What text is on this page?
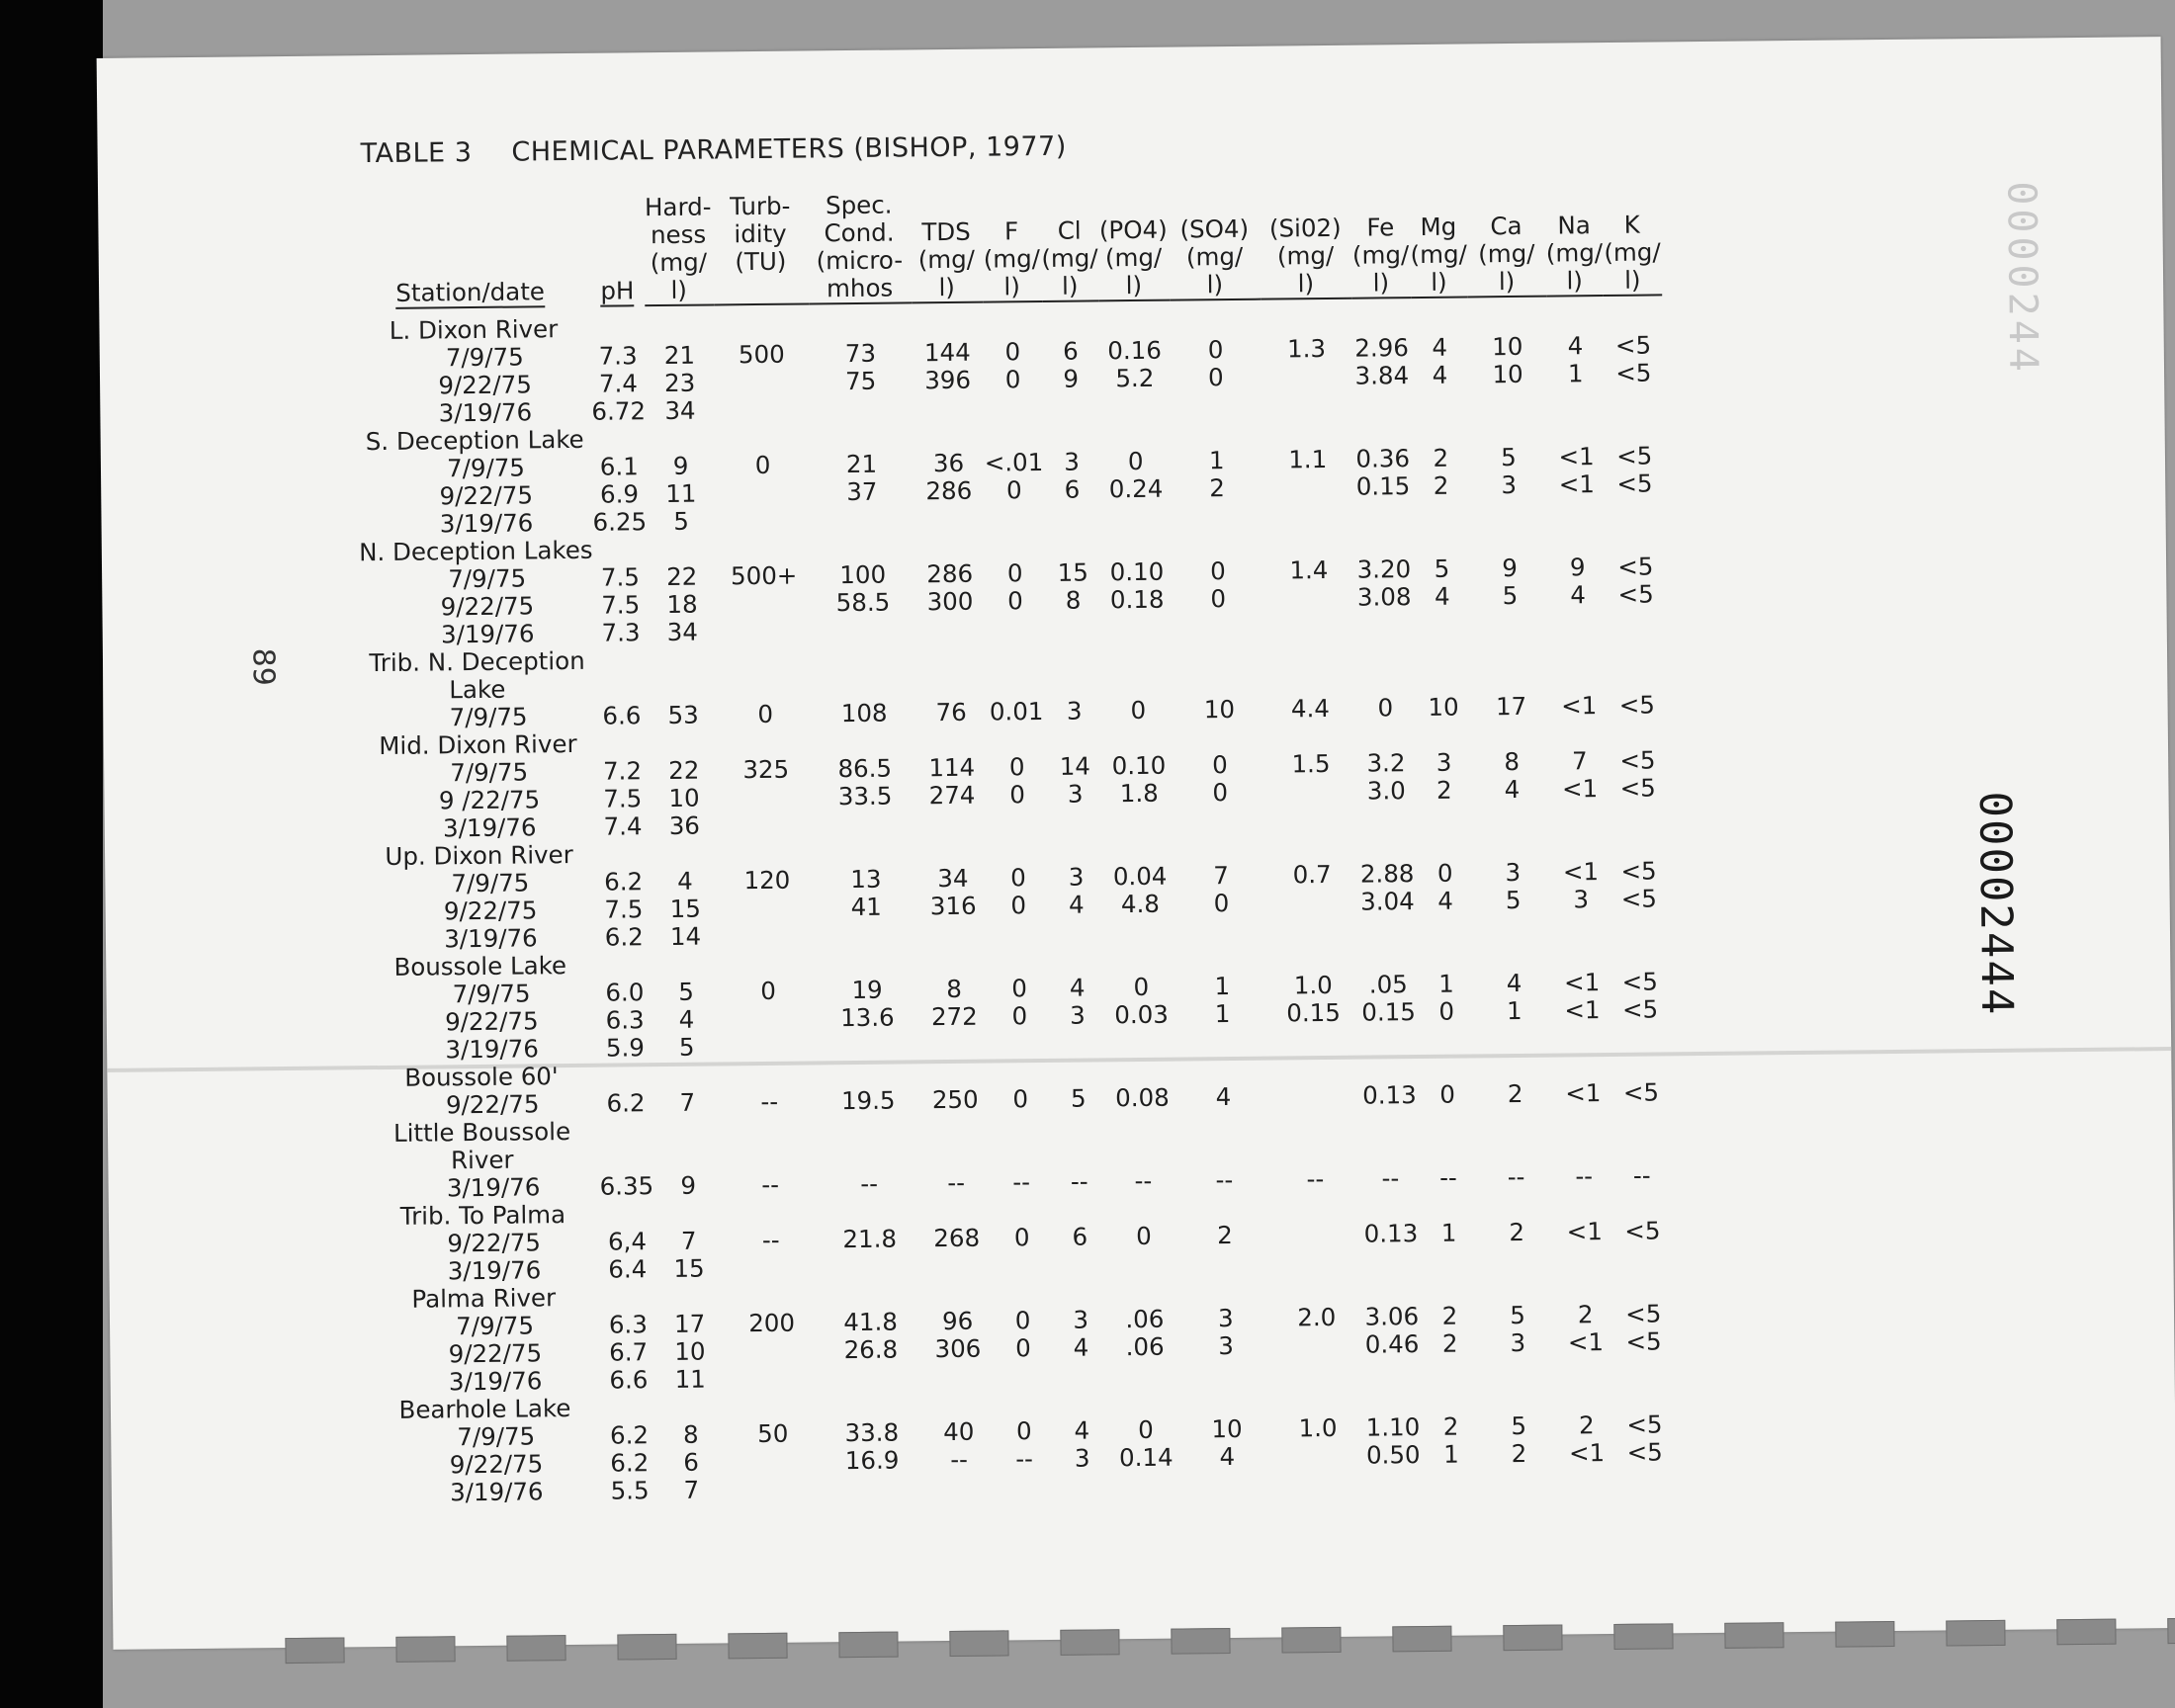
TABLE 3 CHEMICAL PARAMETERS (BISHOP, 1977)
Station/date	pH	Hard-
ness
(mg/
l)	Turb-
idity
(TU)	Spec.
Cond.
(micro-
mhos	TDS
(mg/
l)	F
(mg/
l)	Cl
(mg/
l)	(PO4)
(mg/
l)	(SO4)
(mg/
l)	(Si02)
(mg/
l)	Fe
(mg/
l)	Mg
(mg/
l)	Ca
(mg/
l)	Na
(mg/
l)	K
(mg/
l)

L. Dixon River															
7/9/75	7.3	21	500	73	144	0	6	0.16	0	1.3	2.96	4	10	4	<5
9/22/75	7.4	23		75	396	0	9	5.2	0		3.84	4	10	1	<5
3/19/76	6.72	34													
S. Deception Lake															
7/9/75	6.1	9	0	21	36	<.01	3	0	1	1.1	0.36	2	5	<1	<5
9/22/75	6.9	11		37	286	0	6	0.24	2		0.15	2	3	<1	<5
3/19/76	6.25	5													
N. Deception Lakes															
7/9/75	7.5	22	500+	100	286	0	15	0.10	0	1.4	3.20	5	9	9	<5
9/22/75	7.5	18		58.5	300	0	8	0.18	0		3.08	4	5	4	<5
3/19/76	7.3	34													
Trib. N. Deception															
Lake															
7/9/75	6.6	53	0	108	76	0.01	3	0	10	4.4	0	10	17	<1	<5
Mid. Dixon River															
7/9/75	7.2	22	325	86.5	114	0	14	0.10	0	1.5	3.2	3	8	7	<5
9 /22/75	7.5	10		33.5	274	0	3	1.8	0		3.0	2	4	<1	<5
3/19/76	7.4	36													
Up. Dixon River															
7/9/75	6.2	4	120	13	34	0	3	0.04	7	0.7	2.88	0	3	<1	<5
9/22/75	7.5	15		41	316	0	4	4.8	0		3.04	4	5	3	<5
3/19/76	6.2	14													
Boussole Lake															
7/9/75	6.0	5	0	19	8	0	4	0	1	1.0	.05	1	4	<1	<5
9/22/75	6.3	4		13.6	272	0	3	0.03	1	0.15	0.15	0	1	<1	<5
3/19/76	5.9	5													
Boussole 60'															
9/22/75	6.2	7	--	19.5	250	0	5	0.08	4		0.13	0	2	<1	<5
Little Boussole															
River															
3/19/76	6.35	9	--	--	--	--	--	--	--	--	--	--	--	--	--
Trib. To Palma															
9/22/75	6,4	7	--	21.8	268	0	6	0	2		0.13	1	2	<1	<5
3/19/76	6.4	15													
Palma River															
7/9/75	6.3	17	200	41.8	96	0	3	.06	3	2.0	3.06	2	5	2	<5
9/22/75	6.7	10		26.8	306	0	4	.06	3		0.46	2	3	<1	<5
3/19/76	6.6	11													
Bearhole Lake															
7/9/75	6.2	8	50	33.8	40	0	4	0	10	1.0	1.10	2	5	2	<5
9/22/75	6.2	6		16.9	--	--	3	0.14	4		0.50	1	2	<1	<5
3/19/76	5.5	7													
89
00002444
0000244
